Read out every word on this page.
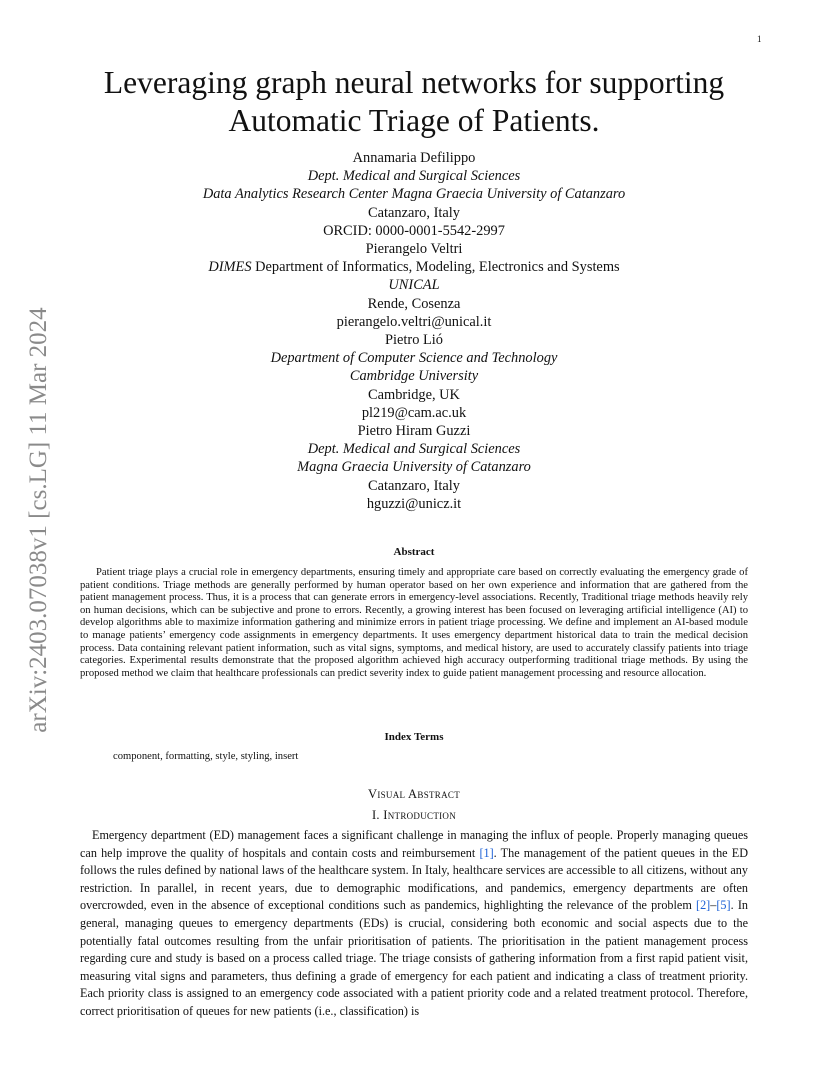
1
arXiv:2403.07038v1 [cs.LG] 11 Mar 2024
Leveraging graph neural networks for supporting
Automatic Triage of Patients.
Annamaria Defilippo
Dept. Medical and Surgical Sciences
Data Analytics Research Center Magna Graecia University of Catanzaro
Catanzaro, Italy
ORCID: 0000-0001-5542-2997
Pierangelo Veltri
DIMES Department of Informatics, Modeling, Electronics and Systems
UNICAL
Rende, Cosenza
pierangelo.veltri@unical.it
Pietro Lió
Department of Computer Science and Technology
Cambridge University
Cambridge, UK
pl219@cam.ac.uk
Pietro Hiram Guzzi
Dept. Medical and Surgical Sciences
Magna Graecia University of Catanzaro
Catanzaro, Italy
hguzzi@unicz.it
Abstract

Patient triage plays a crucial role in emergency departments, ensuring timely and appropriate care based on correctly evaluating the emergency grade of patient conditions. Triage methods are generally performed by human operator based on her own experience and information that are gathered from the patient management process. Thus, it is a process that can generate errors in emergency-level associations. Recently, Traditional triage methods heavily rely on human decisions, which can be subjective and prone to errors. Recently, a growing interest has been focused on leveraging artificial intelligence (AI) to develop algorithms able to maximize information gathering and minimize errors in patient triage processing. We define and implement an AI-based module to manage patients’ emergency code assignments in emergency departments. It uses emergency department historical data to train the medical decision process. Data containing relevant patient information, such as vital signs, symptoms, and medical history, are used to accurately classify patients into triage categories. Experimental results demonstrate that the proposed algorithm achieved high accuracy outperforming traditional triage methods. By using the proposed method we claim that healthcare professionals can predict severity index to guide patient management processing and resource allocation.

Index Terms
component, formatting, style, styling, insert
Visual Abstract
I. Introduction

Emergency department (ED) management faces a significant challenge in managing the influx of people. Properly managing queues can help improve the quality of hospitals and contain costs and reimbursement [1]. The management of the patient queues in the ED follows the rules defined by national laws of the healthcare system. In Italy, healthcare services are accessible to all citizens, without any restriction. In parallel, in recent years, due to demographic modifications, and pandemics, emergency departments are often overcrowded, even in the absence of exceptional conditions such as pandemics, highlighting the relevance of the problem [2]–[5]. In general, managing queues to emergency departments (EDs) is crucial, considering both economic and social aspects due to the potentially fatal outcomes resulting from the unfair prioritisation of patients. The prioritisation in the patient management process regarding cure and study is based on a process called triage. The triage consists of gathering information from a first rapid patient visit, measuring vital signs and parameters, thus defining a grade of emergency for each patient and indicating a class of treatment priority. Each priority class is assigned to an emergency code associated with a patient priority code and a related treatment protocol. Therefore, correct prioritisation of queues for new patients (i.e., classification) is
